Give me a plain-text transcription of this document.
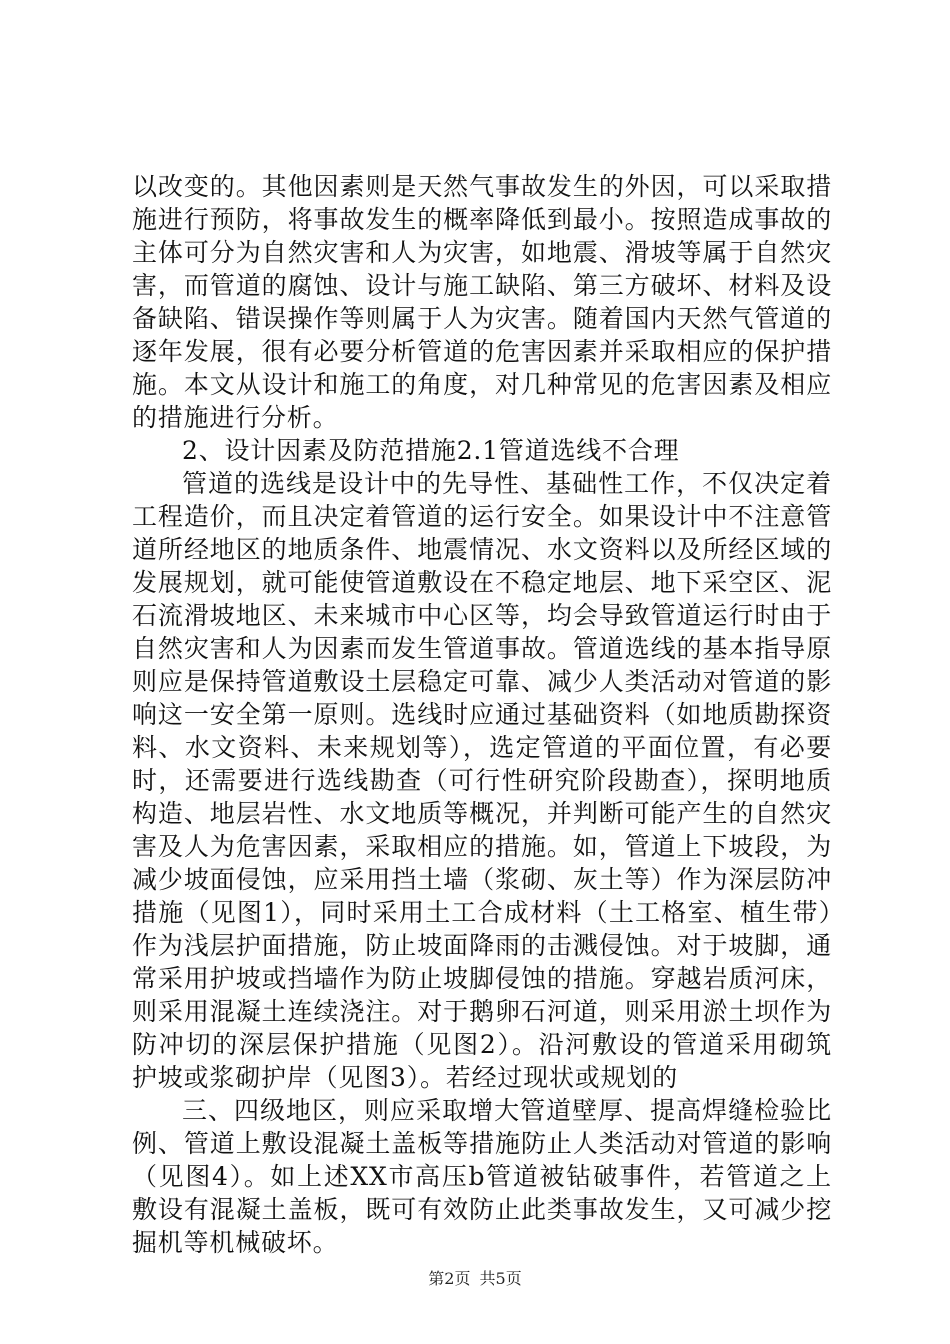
以改变的。其他因素则是天然气事故发生的外因，可以采取措施进行预防，将事故发生的概率降低到最小。按照造成事故的主体可分为自然灾害和人为灾害，如地震、滑坡等属于自然灾害，而管道的腐蚀、设计与施工缺陷、第三方破坏、材料及设备缺陷、错误操作等则属于人为灾害。随着国内天然气管道的逐年发展，很有必要分析管道的危害因素并采取相应的保护措施。本文从设计和施工的角度，对几种常见的危害因素及相应的措施进行分析。

2、设计因素及防范措施2.1管道选线不合理

管道的选线是设计中的先导性、基础性工作，不仅决定着工程造价，而且决定着管道的运行安全。如果设计中不注意管道所经地区的地质条件、地震情况、水文资料以及所经区域的发展规划，就可能使管道敷设在不稳定地层、地下采空区、泥石流滑坡地区、未来城市中心区等，均会导致管道运行时由于自然灾害和人为因素而发生管道事故。管道选线的基本指导原则应是保持管道敷设土层稳定可靠、减少人类活动对管道的影响这一安全第一原则。选线时应通过基础资料（如地质勘探资料、水文资料、未来规划等），选定管道的平面位置，有必要时，还需要进行选线勘查（可行性研究阶段勘查），探明地质构造、地层岩性、水文地质等概况，并判断可能产生的自然灾害及人为危害因素，采取相应的措施。如，管道上下坡段，为减少坡面侵蚀，应采用挡土墙（浆砌、灰土等）作为深层防冲措施（见图1），同时采用土工合成材料（土工格室、植生带）作为浅层护面措施，防止坡面降雨的击溅侵蚀。对于坡脚，通常采用护坡或挡墙作为防止坡脚侵蚀的措施。穿越岩质河床，则采用混凝土连续浇注。对于鹅卵石河道，则采用淤土坝作为防冲切的深层保护措施（见图2）。沿河敷设的管道采用砌筑护坡或浆砌护岸（见图3）。若经过现状或规划的

三、四级地区，则应采取增大管道壁厚、提高焊缝检验比例、管道上敷设混凝土盖板等措施防止人类活动对管道的影响（见图4）。如上述XX市高压b管道被钻破事件，若管道之上敷设有混凝土盖板，既可有效防止此类事故发生，又可减少挖掘机等机械破坏。

第2页 共5页
